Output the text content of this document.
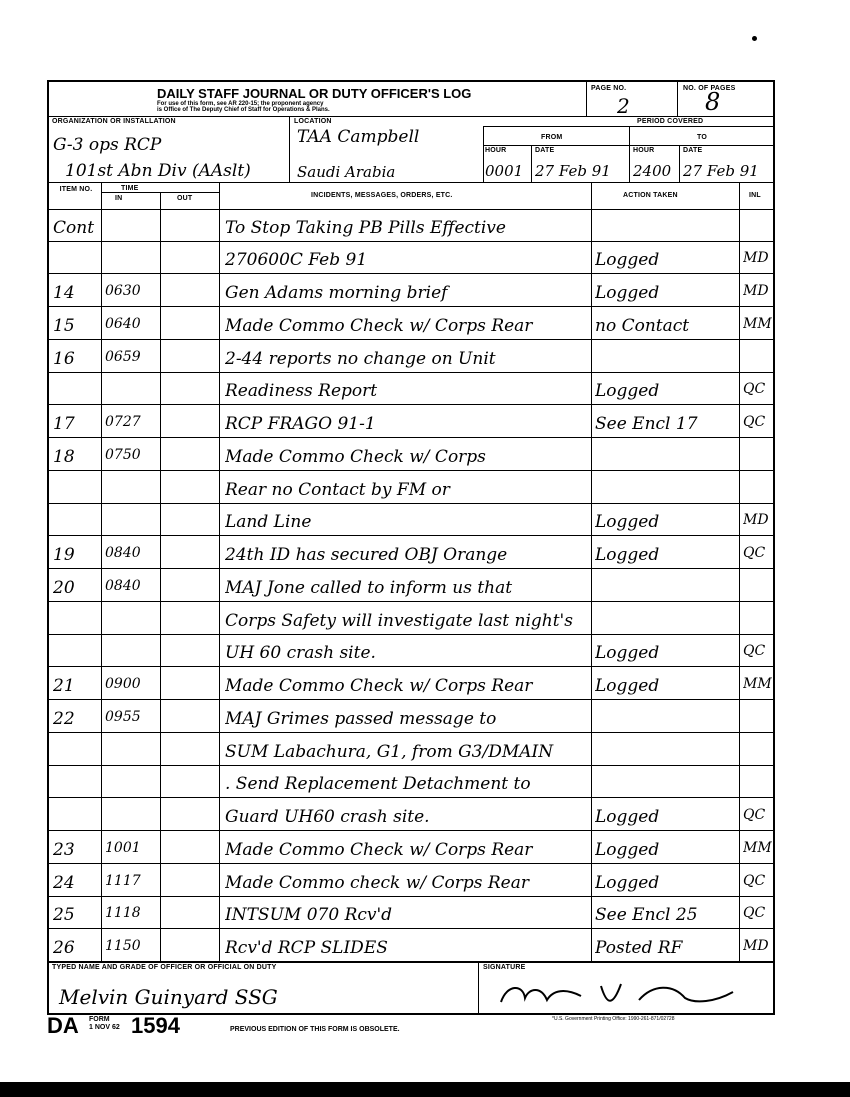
DAILY STAFF JOURNAL OR DUTY OFFICER'S LOG
For use of this form, see AR 220-15; the proponent agency
is Office of The Deputy Chief of Staff for Operations & Plans.
PAGE NO.
2
NO. OF PAGES
8
ORGANIZATION OR INSTALLATION
G-3 ops RCP
101st Abn Div (AAslt)
LOCATION
TAA Campbell
Saudi Arabia
PERIOD COVERED
FROM	TO
HOUR	DATE	HOUR	DATE
0001 27 Feb 91 2400 27 Feb 91
ITEM NO.	TIME
IN	OUT	INCIDENTS, MESSAGES, ORDERS, ETC.	ACTION TAKEN	INL
Cont	To Stop Taking PB Pills Effective
270600C Feb 91	Logged	MD
14	0630	Gen Adams morning brief	Logged	MD
15	0640	Made Commo Check w/ Corps Rear	no Contact	MM
16	0659	2-44 reports no change on Unit
Readiness Report	Logged	QC
17	0727	RCP FRAGO 91-1	See Encl 17	QC
18	0750	Made Commo Check w/ Corps
Rear no Contact by FM or
Land Line	Logged	MD
19	0840	24th ID has secured OBJ Orange	Logged	QC
20	0840	MAJ Jone called to inform us that
Corps Safety will investigate last night's
UH 60 crash site.	Logged	QC
21	0900	Made Commo Check w/ Corps Rear	Logged	MM
22	0955	MAJ Grimes passed message to
SUM Labachura, G1, from G3/DMAIN
. Send Replacement Detachment to
Guard UH60 crash site.	Logged	QC
23	1001	Made Commo Check w/ Corps Rear	Logged	MM
24	1117	Made Commo check w/ Corps Rear	Logged	QC
25	1118	INTSUM 070 Rcv'd	See Encl 25	QC
26	1150	Rcv'd RCP SLIDES	Posted RF	MD
TYPED NAME AND GRADE OF OFFICER OR OFFICIAL ON DUTY	SIGNATURE
Melvin Guinyard SSG
DA FORM
1 NOV 62 1594	PREVIOUS EDITION OF THIS FORM IS OBSOLETE.
*U.S. Government Printing Office: 1990-261-871/02728
